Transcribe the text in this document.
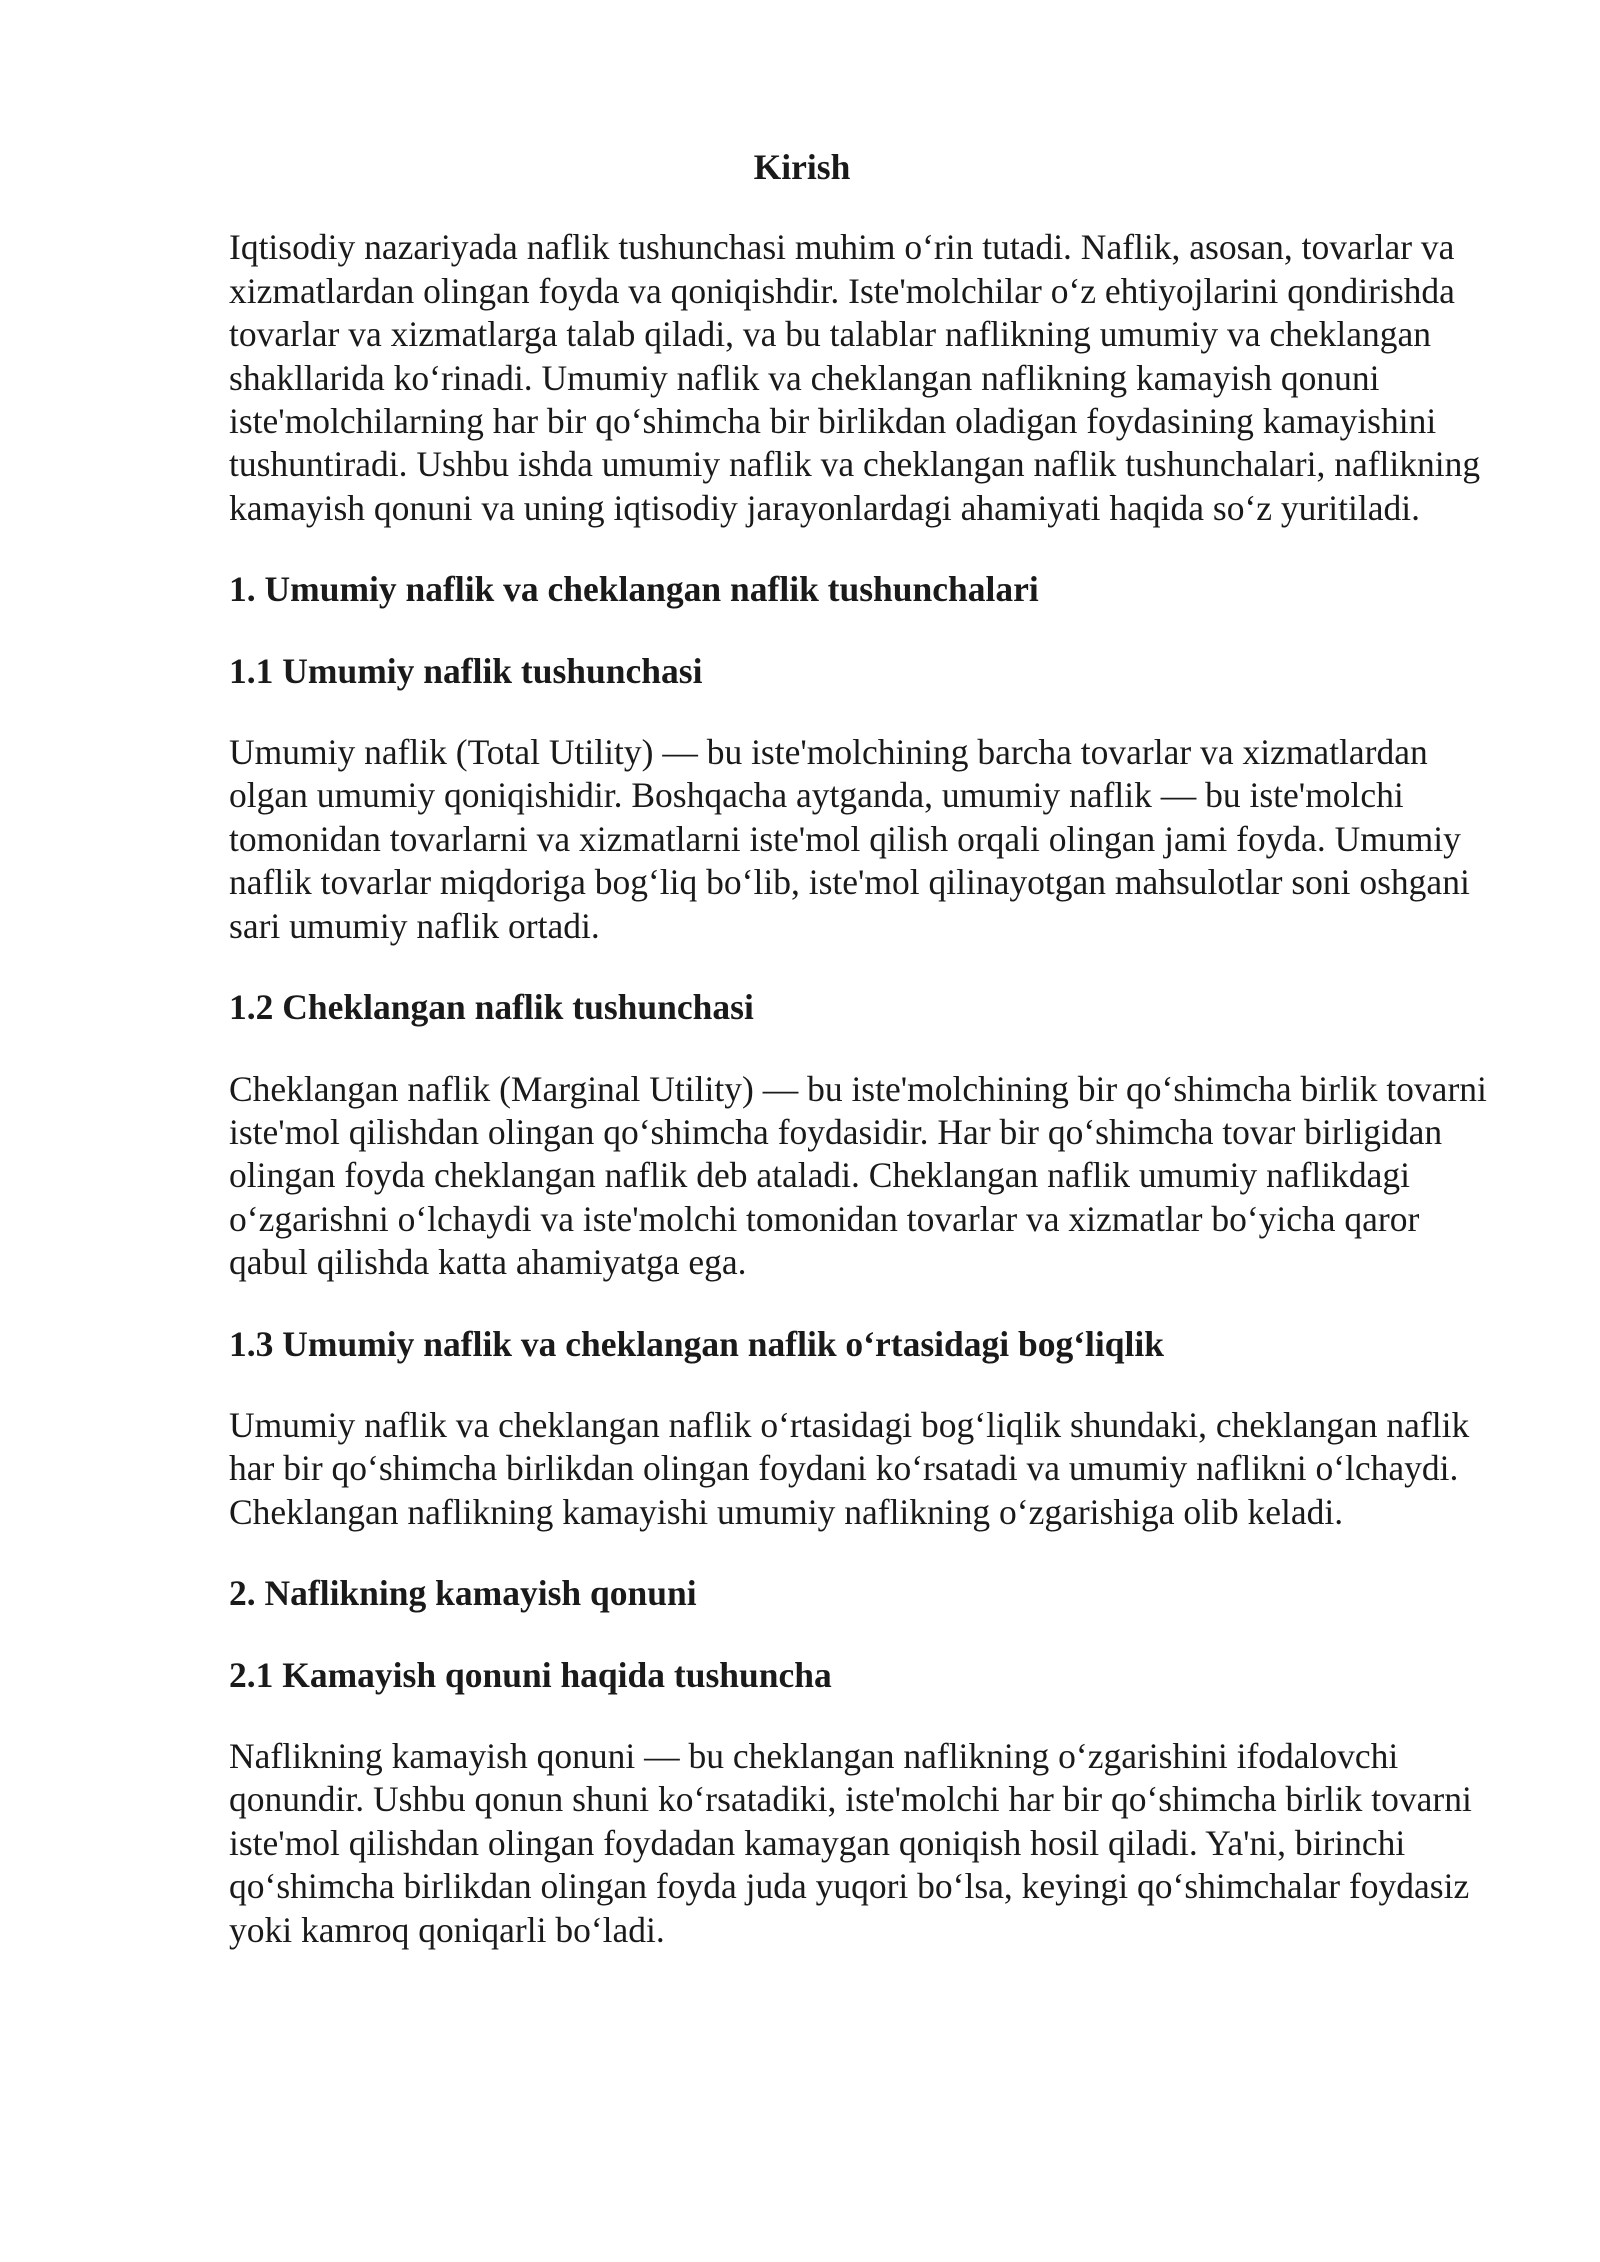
Kirish

Iqtisodiy nazariyada naflik tushunchasi muhim o‘rin tutadi. Naflik, asosan, tovarlar va xizmatlardan olingan foyda va qoniqishdir. Iste'molchilar o‘z ehtiyojlarini qondirishda tovarlar va xizmatlarga talab qiladi, va bu talablar naflikning umumiy va cheklangan shakllarida ko‘rinadi. Umumiy naflik va cheklangan naflikning kamayish qonuni iste'molchilarning har bir qo‘shimcha bir birlikdan oladigan foydasining kamayishini tushuntiradi. Ushbu ishda umumiy naflik va cheklangan naflik tushunchalari, naflikning kamayish qonuni va uning iqtisodiy jarayonlardagi ahamiyati haqida so‘z yuritiladi.

1. Umumiy naflik va cheklangan naflik tushunchalari
1.1 Umumiy naflik tushunchasi

Umumiy naflik (Total Utility) — bu iste'molchining barcha tovarlar va xizmatlardan olgan umumiy qoniqishidir. Boshqacha aytganda, umumiy naflik — bu iste'molchi tomonidan tovarlarni va xizmatlarni iste'mol qilish orqali olingan jami foyda. Umumiy naflik tovarlar miqdoriga bog‘liq bo‘lib, iste'mol qilinayotgan mahsulotlar soni oshgani sari umumiy naflik ortadi.

1.2 Cheklangan naflik tushunchasi

Cheklangan naflik (Marginal Utility) — bu iste'molchining bir qo‘shimcha birlik tovarni iste'mol qilishdan olingan qo‘shimcha foydasidir. Har bir qo‘shimcha tovar birligidan olingan foyda cheklangan naflik deb ataladi. Cheklangan naflik umumiy naflikdagi o‘zgarishni o‘lchaydi va iste'molchi tomonidan tovarlar va xizmatlar bo‘yicha qaror qabul qilishda katta ahamiyatga ega.

1.3 Umumiy naflik va cheklangan naflik o‘rtasidagi bog‘liqlik

Umumiy naflik va cheklangan naflik o‘rtasidagi bog‘liqlik shundaki, cheklangan naflik har bir qo‘shimcha birlikdan olingan foydani ko‘rsatadi va umumiy naflikni o‘lchaydi. Cheklangan naflikning kamayishi umumiy naflikning o‘zgarishiga olib keladi.

2. Naflikning kamayish qonuni
2.1 Kamayish qonuni haqida tushuncha

Naflikning kamayish qonuni — bu cheklangan naflikning o‘zgarishini ifodalovchi qonundir. Ushbu qonun shuni ko‘rsatadiki, iste'molchi har bir qo‘shimcha birlik tovarni iste'mol qilishdan olingan foydadan kamaygan qoniqish hosil qiladi. Ya'ni, birinchi qo‘shimcha birlikdan olingan foyda juda yuqori bo‘lsa, keyingi qo‘shimchalar foydasiz yoki kamroq qoniqarli bo‘ladi.
